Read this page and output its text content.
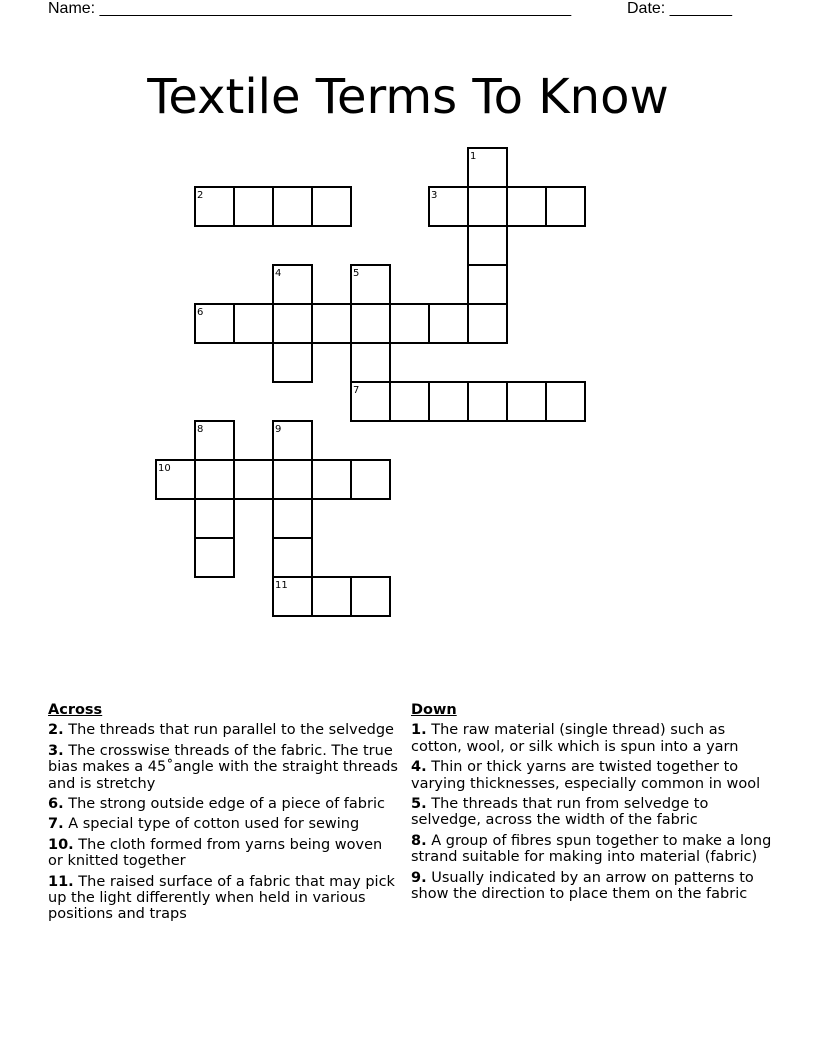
Name: _____________________________________________________	Date: _______
Textile Terms To Know
1
2	3
4	5
6
7
8	9
10
11
Across
2. The threads that run parallel to the selvedge
3. The crosswise threads of the fabric. The true bias makes a 45˚angle with the straight threads and is stretchy
6. The strong outside edge of a piece of fabric
7. A special type of cotton used for sewing
10. The cloth formed from yarns being woven or knitted together
11. The raised surface of a fabric that may pick up the light differently when held in various positions and traps
Down
1. The raw material (single thread) such as cotton, wool, or silk which is spun into a yarn
4. Thin or thick yarns are twisted together to varying thicknesses, especially common in wool
5. The threads that run from selvedge to selvedge, across the width of the fabric
8. A group of fibres spun together to make a long strand suitable for making into material (fabric)
9. Usually indicated by an arrow on patterns to show the direction to place them on the fabric
